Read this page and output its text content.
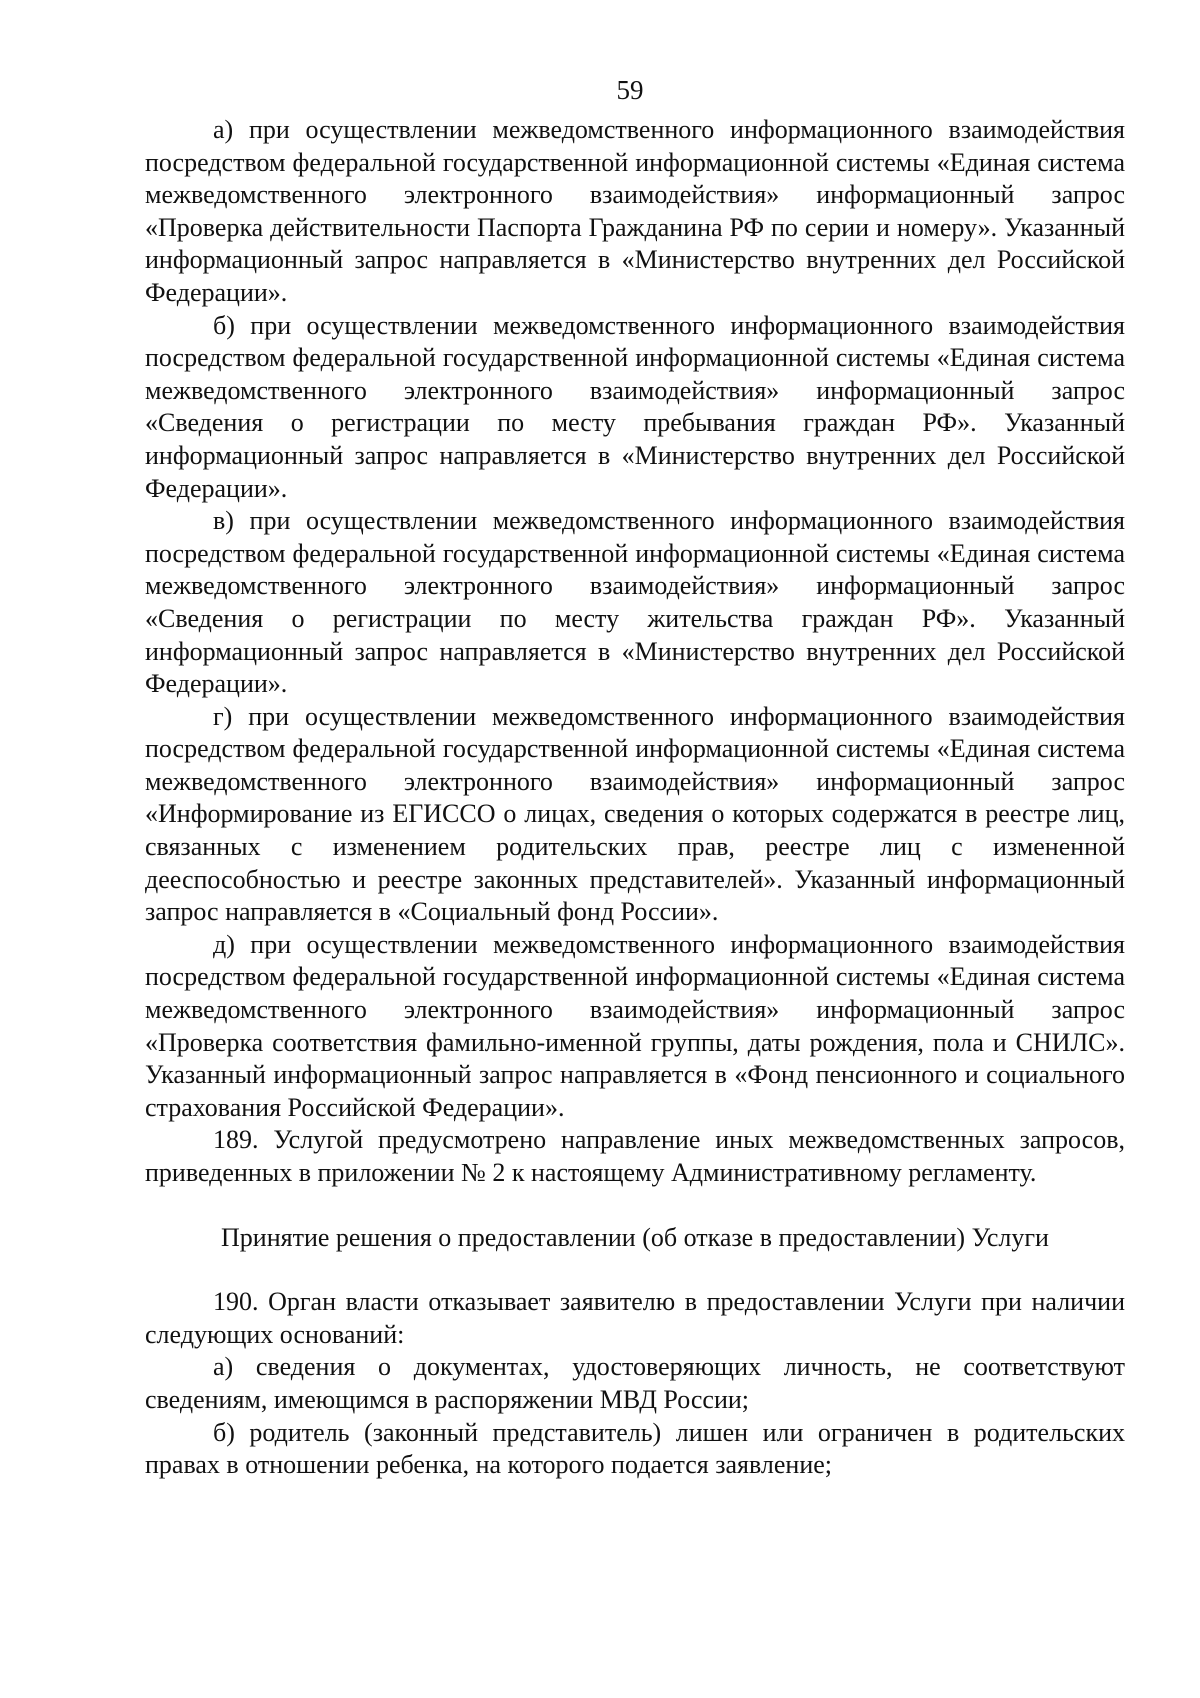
59

а) при осуществлении межведомственного информационного взаимодействия посредством федеральной государственной информационной системы «Единая система межведомственного электронного взаимодействия» информационный запрос «Проверка действительности Паспорта Гражданина РФ по серии и номеру». Указанный информационный запрос направляется в «Министерство внутренних дел Российской Федерации».

б) при осуществлении межведомственного информационного взаимодействия посредством федеральной государственной информационной системы «Единая система межведомственного электронного взаимодействия» информационный запрос «Сведения о регистрации по месту пребывания граждан РФ». Указанный информационный запрос направляется в «Министерство внутренних дел Российской Федерации».

в) при осуществлении межведомственного информационного взаимодействия посредством федеральной государственной информационной системы «Единая система межведомственного электронного взаимодействия» информационный запрос «Сведения о регистрации по месту жительства граждан РФ». Указанный информационный запрос направляется в «Министерство внутренних дел Российской Федерации».

г) при осуществлении межведомственного информационного взаимодействия посредством федеральной государственной информационной системы «Единая система межведомственного электронного взаимодействия» информационный запрос «Информирование из ЕГИССО о лицах, сведения о которых содержатся в реестре лиц, связанных с изменением родительских прав, реестре лиц с измененной дееспособностью и реестре законных представителей». Указанный информационный запрос направляется в «Социальный фонд России».

д) при осуществлении межведомственного информационного взаимодействия посредством федеральной государственной информационной системы «Единая система межведомственного электронного взаимодействия» информационный запрос «Проверка соответствия фамильно-именной группы, даты рождения, пола и СНИЛС». Указанный информационный запрос направляется в «Фонд пенсионного и социального страхования Российской Федерации».

189. Услугой предусмотрено направление иных межведомственных запросов, приведенных в приложении № 2 к настоящему Административному регламенту.

Принятие решения о предоставлении (об отказе в предоставлении) Услуги

190. Орган власти отказывает заявителю в предоставлении Услуги при наличии следующих оснований:

а) сведения о документах, удостоверяющих личность, не соответствуют сведениям, имеющимся в распоряжении МВД России;

б) родитель (законный представитель) лишен или ограничен в родительских правах в отношении ребенка, на которого подается заявление;
